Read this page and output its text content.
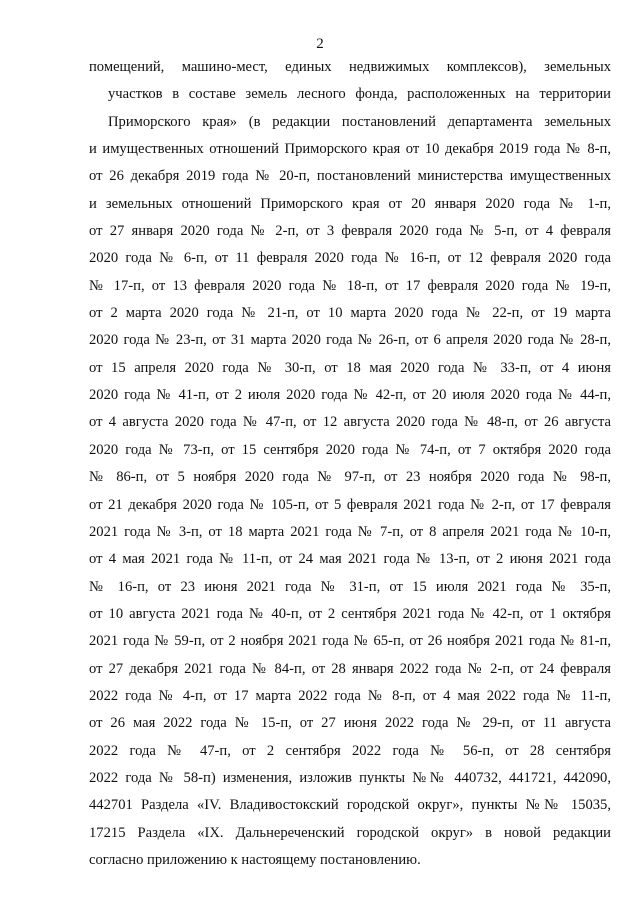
2
помещений, машино-мест, единых недвижимых комплексов), земельных
участков в составе земель лесного фонда, расположенных на территории
Приморского края» (в редакции постановлений департамента земельных
и имущественных отношений Приморского края от 10 декабря 2019 года № 8-п,
от 26 декабря 2019 года № 20-п, постановлений министерства имущественных
и земельных отношений Приморского края от 20 января 2020 года № 1-п,
от 27 января 2020 года № 2-п, от 3 февраля 2020 года № 5-п, от 4 февраля
2020 года № 6-п, от 11 февраля 2020 года № 16-п, от 12 февраля 2020 года
№ 17-п, от 13 февраля 2020 года № 18-п, от 17 февраля 2020 года № 19-п,
от 2 марта 2020 года № 21-п, от 10 марта 2020 года № 22-п, от 19 марта
2020 года № 23-п, от 31 марта 2020 года № 26-п, от 6 апреля 2020 года № 28-п,
от 15 апреля 2020 года № 30-п, от 18 мая 2020 года № 33-п, от 4 июня
2020 года № 41-п, от 2 июля 2020 года № 42-п, от 20 июля 2020 года № 44-п,
от 4 августа 2020 года № 47-п, от 12 августа 2020 года № 48-п, от 26 августа
2020 года № 73-п, от 15 сентября 2020 года № 74-п, от 7 октября 2020 года
№ 86-п, от 5 ноября 2020 года № 97-п, от 23 ноября 2020 года № 98-п,
от 21 декабря 2020 года № 105-п, от 5 февраля 2021 года № 2-п, от 17 февраля
2021 года № 3-п, от 18 марта 2021 года № 7-п, от 8 апреля 2021 года № 10-п,
от 4 мая 2021 года № 11-п, от 24 мая 2021 года № 13-п, от 2 июня 2021 года
№ 16-п, от 23 июня 2021 года № 31-п, от 15 июля 2021 года № 35-п,
от 10 августа 2021 года № 40-п, от 2 сентября 2021 года № 42-п, от 1 октября
2021 года № 59-п, от 2 ноября 2021 года № 65-п, от 26 ноября 2021 года № 81-п,
от 27 декабря 2021 года № 84-п, от 28 января 2022 года № 2-п, от 24 февраля
2022 года № 4-п, от 17 марта 2022 года № 8-п, от 4 мая 2022 года № 11-п,
от 26 мая 2022 года № 15-п, от 27 июня 2022 года № 29-п, от 11 августа
2022 года № 47-п, от 2 сентября 2022 года № 56-п, от 28 сентября
2022 года № 58-п) изменения, изложив пункты №№ 440732, 441721, 442090,
442701 Раздела «IV. Владивостокский городской округ», пункты №№ 15035,
17215 Раздела «IX. Дальнереченский городской округ» в новой редакции
согласно приложению к настоящему постановлению.
